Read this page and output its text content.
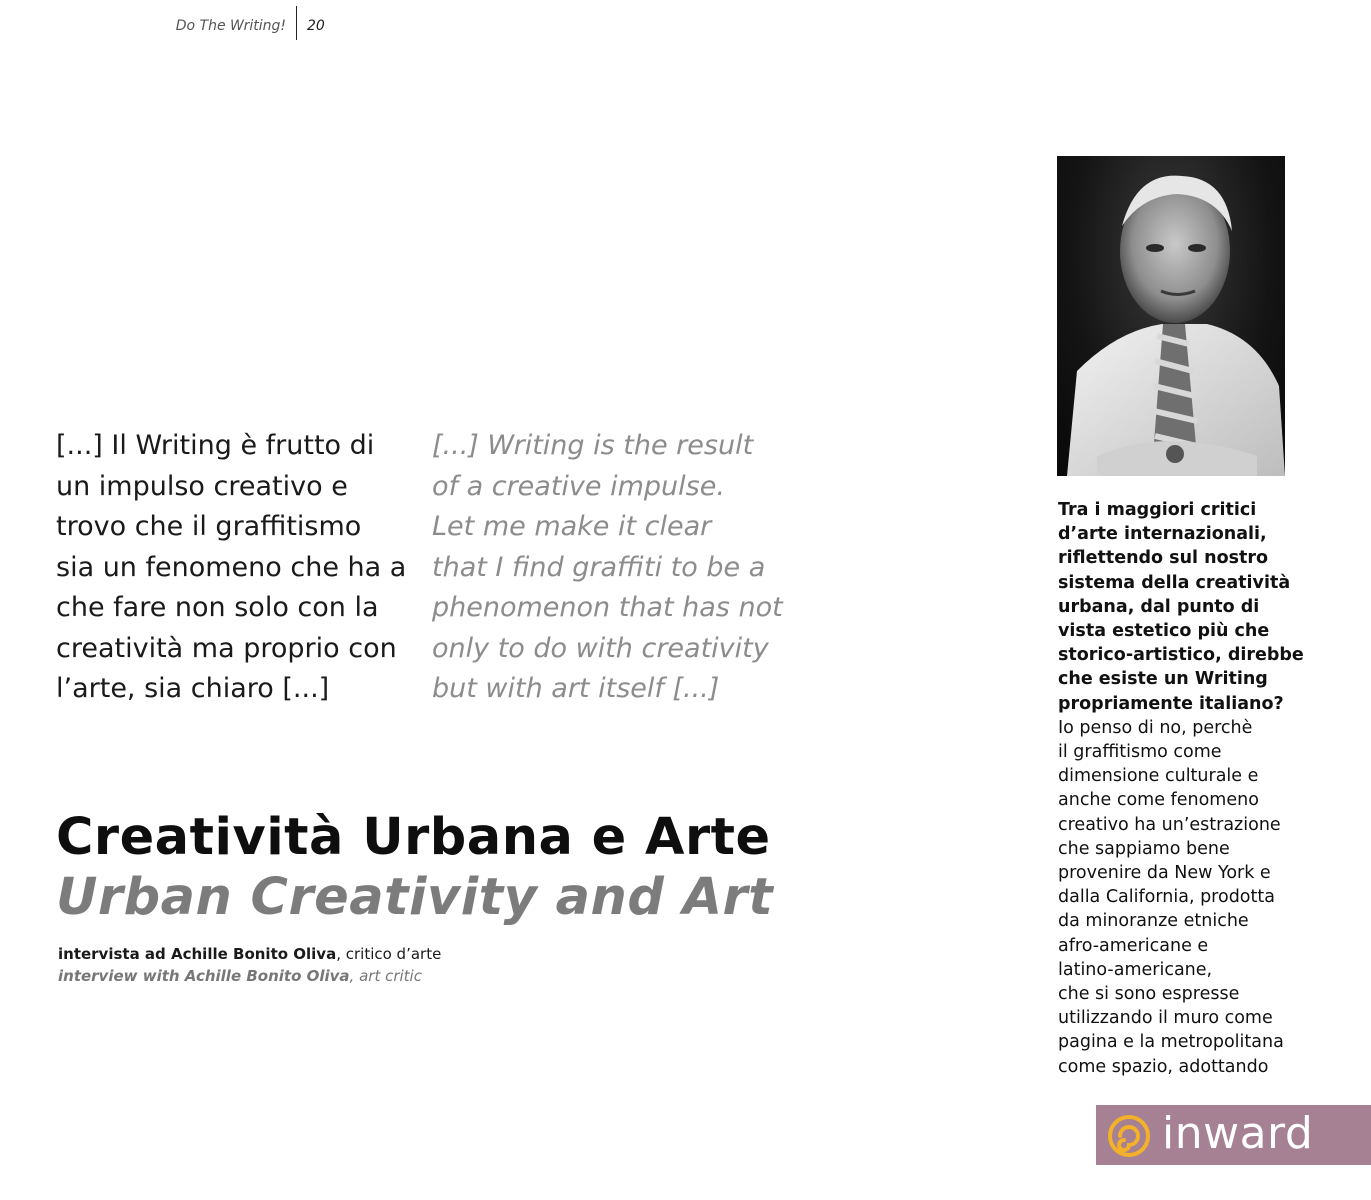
Do The Writing! 20
[...] Il Writing è frutto di
un impulso creativo e
trovo che il graffitismo
sia un fenomeno che ha a
che fare non solo con la
creatività ma proprio con
l’arte, sia chiaro [...]
[...] Writing is the result
of a creative impulse.
Let me make it clear
that I find graffiti to be a
phenomenon that has not
only to do with creativity
but with art itself [...]
Creatività Urbana e Arte
Urban Creativity and Art
intervista ad Achille Bonito Oliva, critico d’arte
interview with Achille Bonito Oliva, art critic
Tra i maggiori critici
d’arte internazionali,
riflettendo sul nostro
sistema della creatività
urbana, dal punto di
vista estetico più che
storico-artistico, direbbe
che esiste un Writing
propriamente italiano?
Io penso di no, perchè
il graffitismo come
dimensione culturale e
anche come fenomeno
creativo ha un’estrazione
che sappiamo bene
provenire da New York e
dalla California, prodotta
da minoranze etniche
afro-americane e
latino-americane,
che si sono espresse
utilizzando il muro come
pagina e la metropolitana
come spazio, adottando
inward
